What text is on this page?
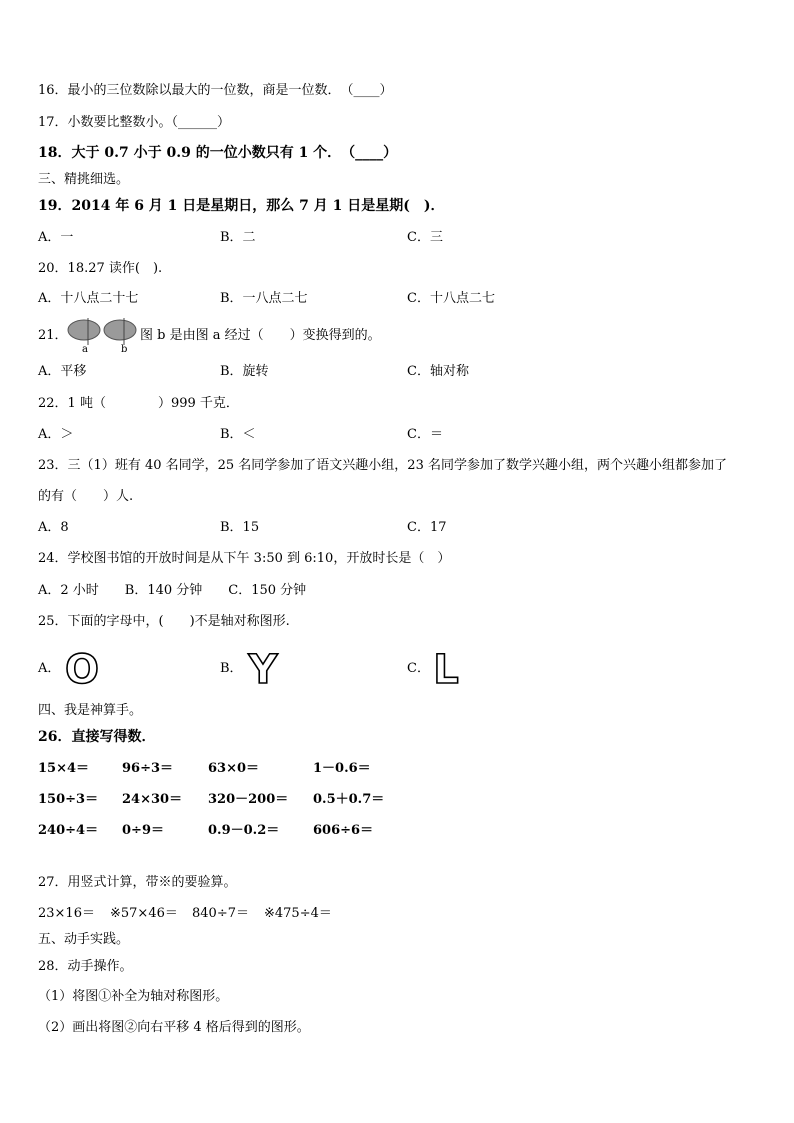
16．最小的三位数除以最大的一位数，商是一位数．　（____）
17．小数要比整数小。（______）
18．大于 0.7 小于 0.9 的一位小数只有 1 个．　（____）
三、精挑细选。
19．2014 年 6 月 1 日是星期日，那么 7 月 1 日是星期(　)．
A．一	B．二	C．三
20．18.27 读作(　).
A．十八点二十七	B．一八点二七	C．十八点二七
21．
a	b
图 b 是由图 a 经过（　　）变换得到的。
A．平移	B．旋转	C．轴对称
22．1 吨（　　　　）999 千克．
A．＞	B．＜	C．＝
23．三（1）班有 40 名同学，25 名同学参加了语文兴趣小组，23 名同学参加了数学兴趣小组，两个兴趣小组都参加了
的有（　　）人.
A．8	B．15	C．17
24．学校图书馆的开放时间是从下午 3:50 到 6:10，开放时长是（　）
A．2 小时　　B．140 分钟　　C．150 分钟
25．下面的字母中，(　　)不是轴对称图形.
A． O	B． Y	C． L
四、我是神算手。
26．直接写得数．
15×4＝	96÷3＝	63×0＝	1－0.6＝
150÷3＝ 24×30＝ 320－200＝ 0.5＋0.7＝
240÷4＝ 0÷9＝	0.9－0.2＝	606÷6＝
27．用竖式计算，带※的要验算。
23×16＝ ※57×46＝ 840÷7＝ ※475÷4＝
五、动手实践。
28．动手操作。
（1）将图①补全为轴对称图形。
（2）画出将图②向右平移 4 格后得到的图形。
